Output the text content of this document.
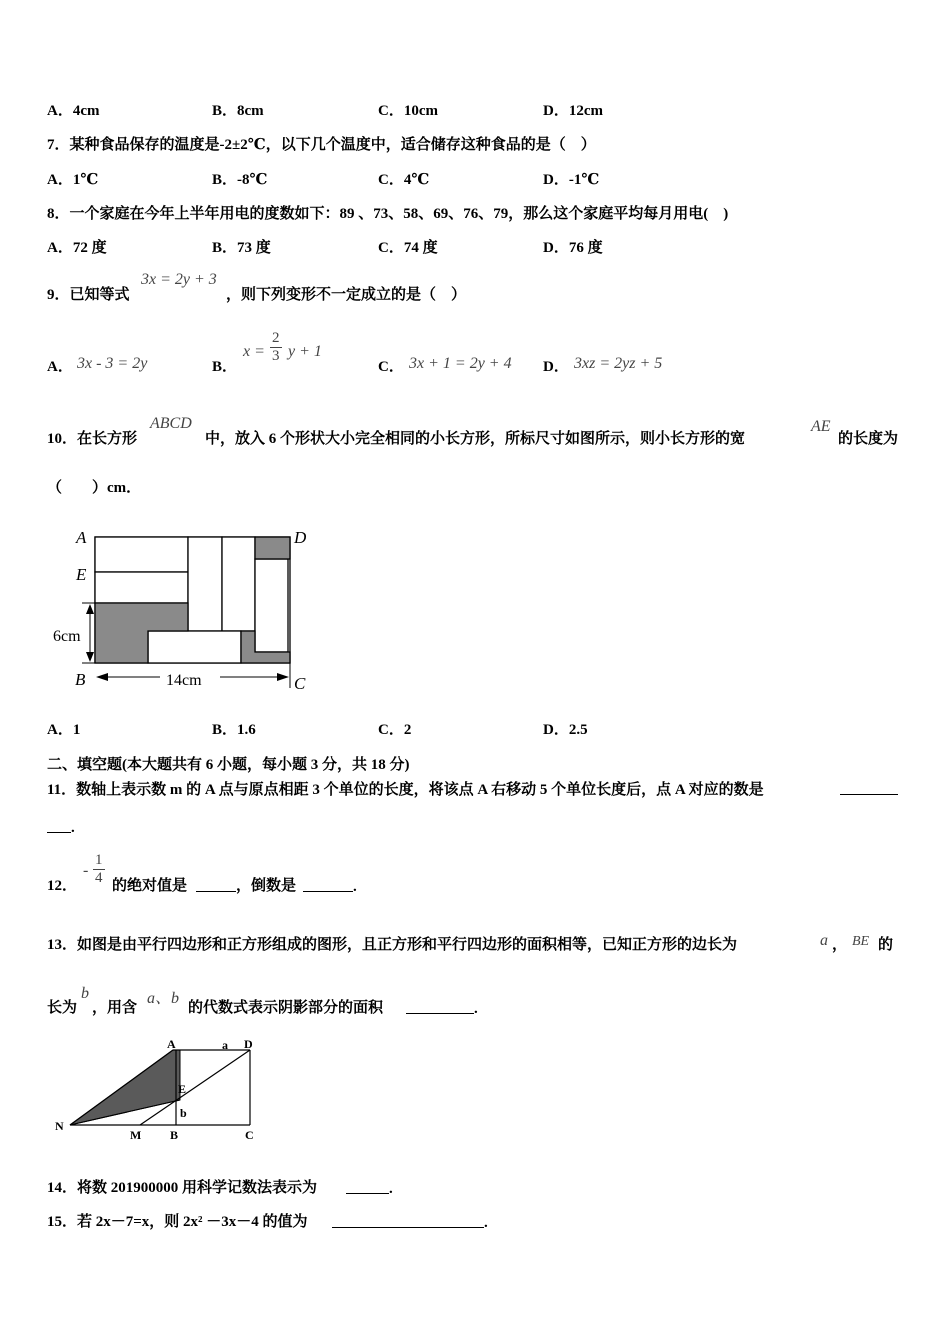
A．4cm	B．8cm	C．10cm	D．12cm
7．某种食品保存的温度是-2±2℃，以下几个温度中，适合储存这种食品的是（　）
A．1℃	B．-8℃	C．4℃	D．-1℃
8．一个家庭在今年上半年用电的度数如下：89 、73、58、69、76、79，那么这个家庭平均每月用电(　)
A．72 度	B．73 度	C．74 度	D．76 度
9．已知等式
3x = 2y + 3
，则下列变形不一定成立的是（　）
A． 3x - 3 = 2y	B．
$x = \frac{2}{3}$ y + 1
C． 3x + 1 = 2y + 4 D． 3xz = 2yz + 5
10．在长方形
ABCD
中，放入 6 个形状大小完全相同的小长方形，所标尺寸如图所示，则小长方形的宽
AE
的长度为
（　　）cm．
A	D
E
B	C
6cm
14cm
A．1	B．1.6	C．2	D．2.5
二、填空题(本大题共有 6 小题，每小题 3 分，共 18 分)
11．数轴上表示数 m 的 A 点与原点相距 3 个单位的长度，将该点 A 右移动 5 个单位长度后，点 A 对应的数是
.
12．
- $\frac{1}{4}$ 的绝对值是	，倒数是	.
13．如图是由平行四边形和正方形组成的图形，且正方形和平行四边形的面积相等，已知正方形的边长为	a ， BE 的
长为
b
，用含
a、b
的代数式表示阴影部分的面积	.
A	D
a
E
b
N
M B	C
14．将数 201900000 用科学记数法表示为	.
15．若 2x－7=x，则 2x² －3x－4 的值为	.
